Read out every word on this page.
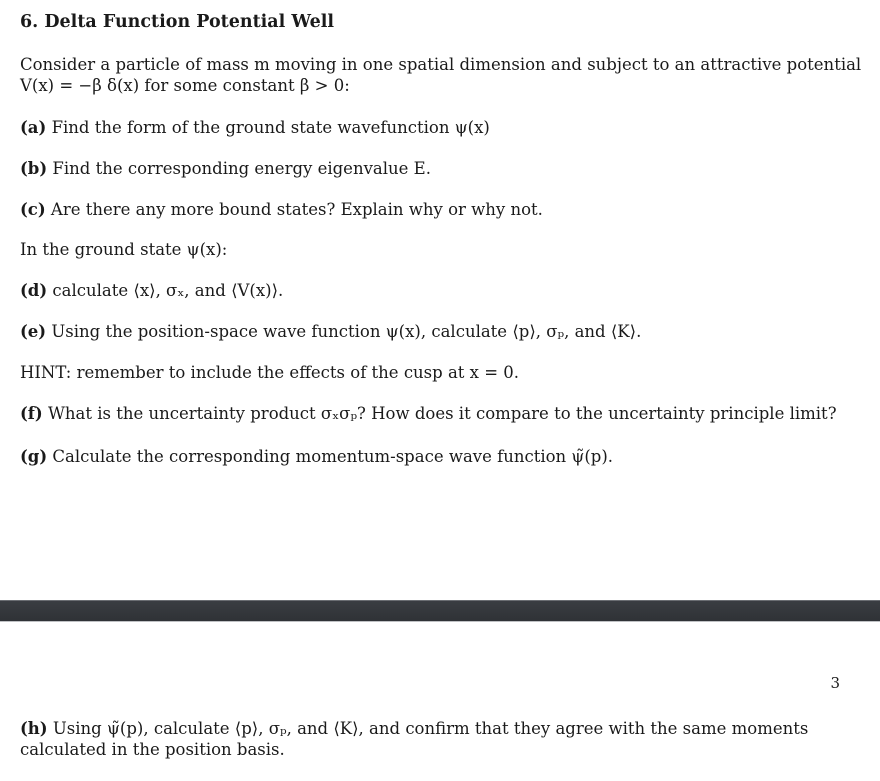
6. Delta Function Potential Well
Consider a particle of mass m moving in one spatial dimension and subject to an attractive potential
V(x) = −β δ(x) for some constant β > 0:
(a) Find the form of the ground state wavefunction ψ(x)
(b) Find the corresponding energy eigenvalue E.
(c) Are there any more bound states? Explain why or why not.
In the ground state ψ(x):
(d) calculate ⟨x⟩, σₓ, and ⟨V(x)⟩.
(e) Using the position-space wave function ψ(x), calculate ⟨p⟩, σₚ, and ⟨K⟩.
HINT: remember to include the effects of the cusp at x = 0.
(f) What is the uncertainty product σₓσₚ? How does it compare to the uncertainty principle limit?
(g) Calculate the corresponding momentum-space wave function ψ̃(p).
3
(h) Using ψ̃(p), calculate ⟨p⟩, σₚ, and ⟨K⟩, and confirm that they agree with the same moments calculated in the position basis.
